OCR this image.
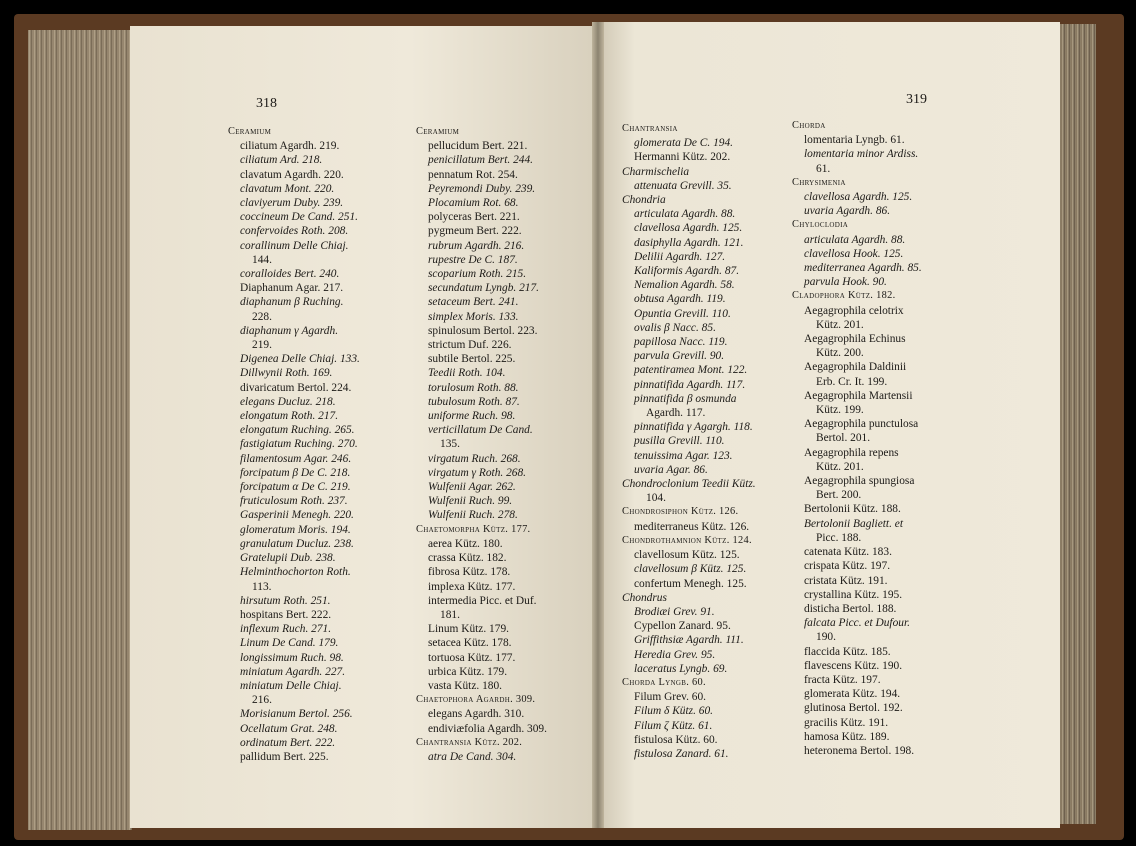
318
Ceramium
ciliatum Agardh. 219.
ciliatum Ard. 218.
clavatum Agardh. 220.
clavatum Mont. 220.
claviyerum Duby. 239.
coccineum De Cand. 251.
confervoides Roth. 208.
corallinum Delle Chiaj.
144.
coralloides Bert. 240.
Diaphanum Agar. 217.
diaphanum β Ruching.
228.
diaphanum γ Agardh.
219.
Digenea Delle Chiaj. 133.
Dillwynii Roth. 169.
divaricatum Bertol. 224.
elegans Ducluz. 218.
elongatum Roth. 217.
elongatum Ruching. 265.
fastigiatum Ruching. 270.
filamentosum Agar. 246.
forcipatum β De C. 218.
forcipatum α De C. 219.
fruticulosum Roth. 237.
Gasperinii Menegh. 220.
glomeratum Moris. 194.
granulatum Ducluz. 238.
Gratelupii Dub. 238.
Helminthochorton Roth.
113.
hirsutum Roth. 251.
hospitans Bert. 222.
inflexum Ruch. 271.
Linum De Cand. 179.
longissimum Ruch. 98.
miniatum Agardh. 227.
miniatum Delle Chiaj.
216.
Morisianum Bertol. 256.
Ocellatum Grat. 248.
ordinatum Bert. 222.
pallidum Bert. 225.
Ceramium
pellucidum Bert. 221.
penicillatum Bert. 244.
pennatum Rot. 254.
Peyremondi Duby. 239.
Plocamium Rot. 68.
polyceras Bert. 221.
pygmeum Bert. 222.
rubrum Agardh. 216.
rupestre De C. 187.
scoparium Roth. 215.
secundatum Lyngb. 217.
setaceum Bert. 241.
simplex Moris. 133.
spinulosum Bertol. 223.
strictum Duf. 226.
subtile Bertol. 225.
Teedii Roth. 104.
torulosum Roth. 88.
tubulosum Roth. 87.
uniforme Ruch. 98.
verticillatum De Cand.
135.
virgatum Ruch. 268.
virgatum γ Roth. 268.
Wulfenii Agar. 262.
Wulfenii Ruch. 99.
Wulfenii Ruch. 278.
Chaetomorpha Kütz. 177.
aerea Kütz. 180.
crassa Kütz. 182.
fibrosa Kütz. 178.
implexa Kütz. 177.
intermedia Picc. et Duf.
181.
Linum Kütz. 179.
setacea Kütz. 178.
tortuosa Kütz. 177.
urbica Kütz. 179.
vasta Kütz. 180.
Chaetophora Agardh. 309.
elegans Agardh. 310.
endiviæfolia Agardh. 309.
Chantransia Kütz. 202.
atra De Cand. 304.
319
Chantransia
glomerata De C. 194.
Hermanni Kütz. 202.
Charmischelia
attenuata Grevill. 35.
Chondria
articulata Agardh. 88.
clavellosa Agardh. 125.
dasiphylla Agardh. 121.
Delilii Agardh. 127.
Kaliformis Agardh. 87.
Nemalion Agardh. 58.
obtusa Agardh. 119.
Opuntia Grevill. 110.
ovalis β Nacc. 85.
papillosa Nacc. 119.
parvula Grevill. 90.
patentiramea Mont. 122.
pinnatifida Agardh. 117.
pinnatifida β osmunda
Agardh. 117.
pinnatifida γ Agargh. 118.
pusilla Grevill. 110.
tenuissima Agar. 123.
uvaria Agar. 86.
Chondroclonium Teedii Kütz.
104.
Chondrosiphon Kütz. 126.
mediterraneus Kütz. 126.
Chondrothamnion Kütz. 124.
clavellosum Kütz. 125.
clavellosum β Kütz. 125.
confertum Menegh. 125.
Chondrus
Brodiæi Grev. 91.
Cypellon Zanard. 95.
Griffithsiæ Agardh. 111.
Heredia Grev. 95.
laceratus Lyngb. 69.
Chorda Lyngb. 60.
Filum Grev. 60.
Filum δ Kütz. 60.
Filum ζ Kütz. 61.
fistulosa Kütz. 60.
fistulosa Zanard. 61.
Chorda
lomentaria Lyngb. 61.
lomentaria minor Ardiss.
61.
Chrysimenia
clavellosa Agardh. 125.
uvaria Agardh. 86.
Chyloclodia
articulata Agardh. 88.
clavellosa Hook. 125.
mediterranea Agardh. 85.
parvula Hook. 90.
Cladophora Kütz. 182.
Aegagrophila celotrix
Kütz. 201.
Aegagrophila Echinus
Kütz. 200.
Aegagrophila Daldinii
Erb. Cr. It. 199.
Aegagrophila Martensii
Kütz. 199.
Aegagrophila punctulosa
Bertol. 201.
Aegagrophila repens
Kütz. 201.
Aegagrophila spungiosa
Bert. 200.
Bertolonii Kütz. 188.
Bertolonii Bagliett. et
Picc. 188.
catenata Kütz. 183.
crispata Kütz. 197.
cristata Kütz. 191.
crystallina Kütz. 195.
disticha Bertol. 188.
falcata Picc. et Dufour.
190.
flaccida Kütz. 185.
flavescens Kütz. 190.
fracta Kütz. 197.
glomerata Kütz. 194.
glutinosa Bertol. 192.
gracilis Kütz. 191.
hamosa Kütz. 189.
heteronema Bertol. 198.
